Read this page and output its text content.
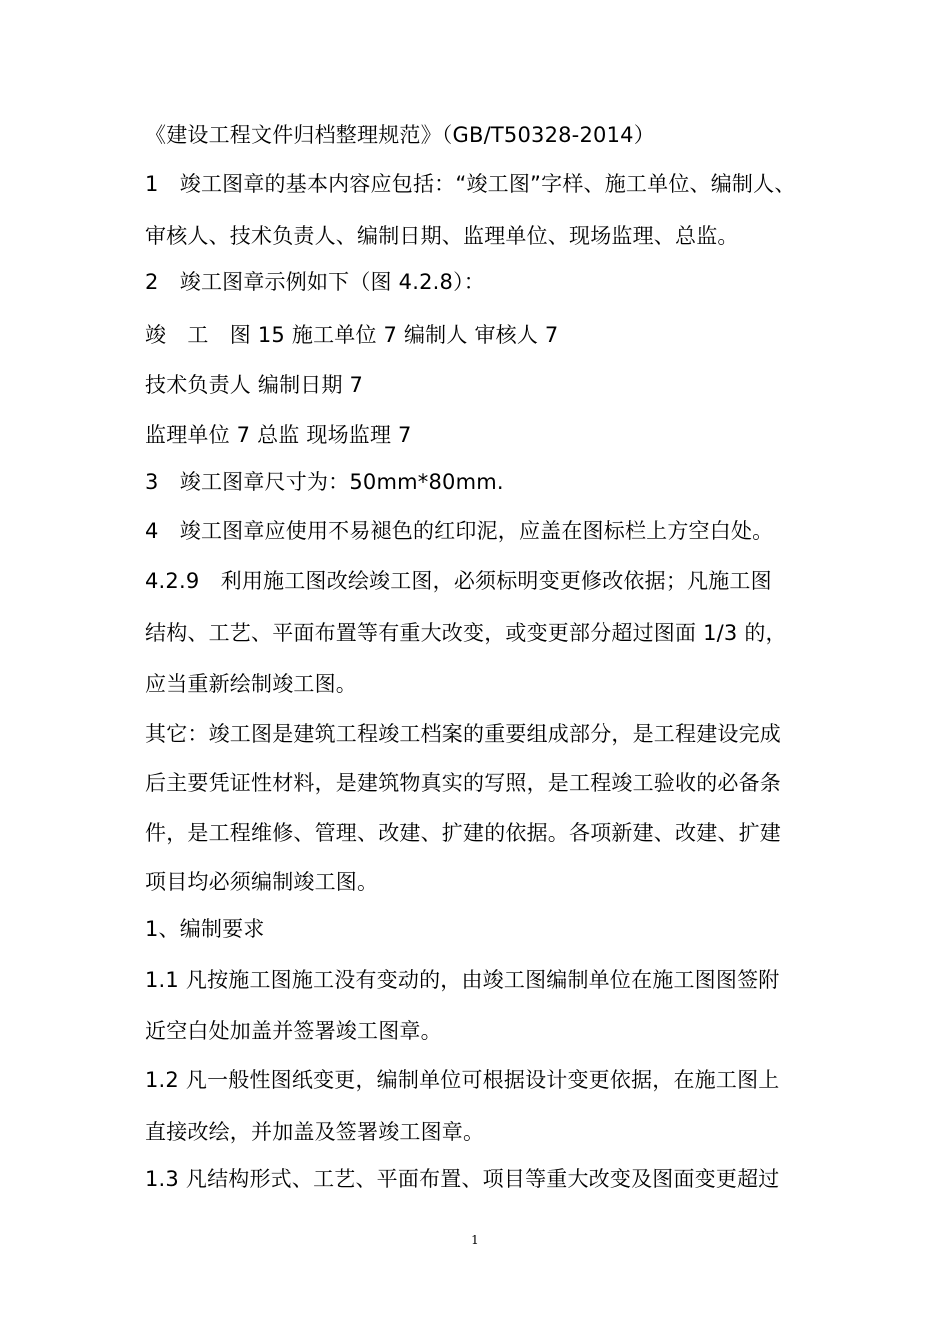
《建设工程文件归档整理规范》（GB/T50328-2014）
1　竣工图章的基本内容应包括：“竣工图”字样、施工单位、编制人、
审核人、技术负责人、编制日期、监理单位、现场监理、总监。
2　竣工图章示例如下（图 4.2.8）：
竣　工　图 15 施工单位 7 编制人 审核人 7
技术负责人 编制日期 7
监理单位 7 总监 现场监理 7
3　竣工图章尺寸为：50mm*80mm.
4　竣工图章应使用不易褪色的红印泥，应盖在图标栏上方空白处。
4.2.9　利用施工图改绘竣工图，必须标明变更修改依据；凡施工图
结构、工艺、平面布置等有重大改变，或变更部分超过图面 1/3 的，
应当重新绘制竣工图。
其它：竣工图是建筑工程竣工档案的重要组成部分，是工程建设完成
后主要凭证性材料，是建筑物真实的写照，是工程竣工验收的必备条
件，是工程维修、管理、改建、扩建的依据。各项新建、改建、扩建
项目均必须编制竣工图。
1、编制要求
1.1 凡按施工图施工没有变动的，由竣工图编制单位在施工图图签附
近空白处加盖并签署竣工图章。
1.2 凡一般性图纸变更，编制单位可根据设计变更依据，在施工图上
直接改绘，并加盖及签署竣工图章。
1.3 凡结构形式、工艺、平面布置、项目等重大改变及图面变更超过
1
